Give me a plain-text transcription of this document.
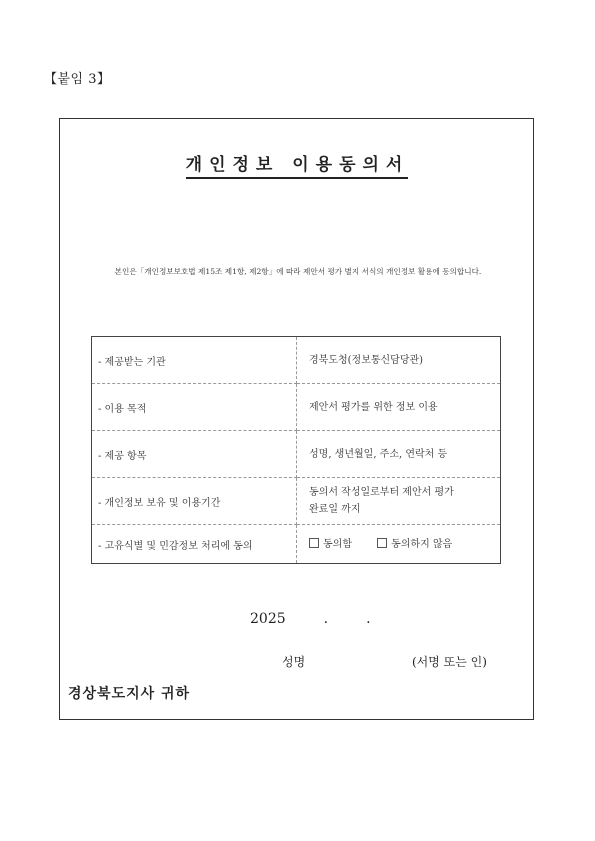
【붙임 3】
개인정보 이용동의서
본인은「개인정보보호법 제15조 제1항, 제2항」에 따라 제안서 평가 별지 서식의 개인정보 활용에 동의합니다.
- 제공받는 기관	경북도청(정보통신담당관)
- 이용 목적	제안서 평가를 위한 정보 이용
- 제공 항목	성명, 생년월일, 주소, 연락처 등
- 개인정보 보유 및 이용기간	동의서 작성일로부터 제안서 평가
완료일 까지

- 고유식별 및 민감정보 처리에 동의	동의함 동의하지 않음
2025	.	.
성명	(서명 또는 인)
경상북도지사 귀하
